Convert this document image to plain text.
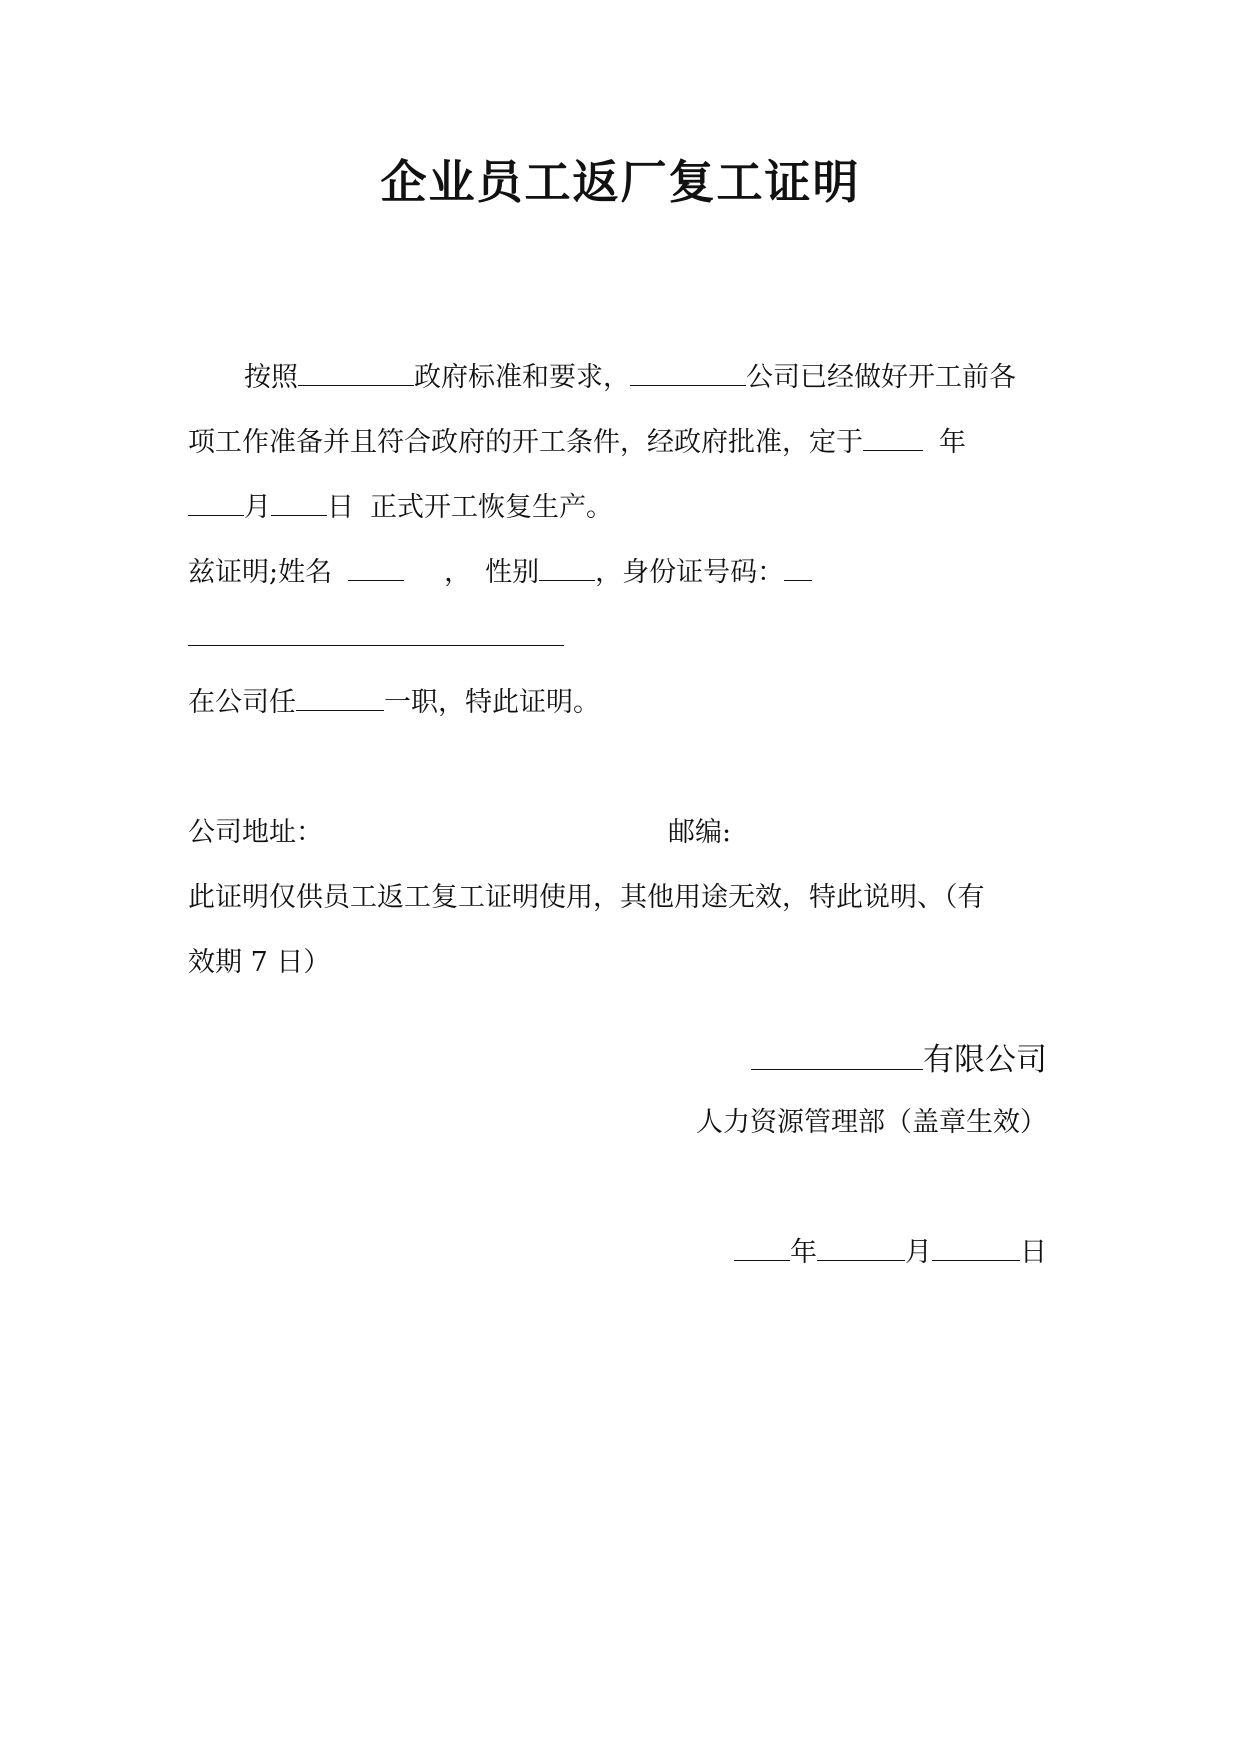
企业员工返厂复工证明
按照	政府标准和要求，	公司已经做好开工前各
项工作准备并且符合政府的开工条件，经政府批准，定于	年
月 日 正式开工恢复生产。
兹证明;姓名	， 性别 ，身份证号码：
在公司任	一职，特此证明。
公司地址：	邮编:
此证明仅供员工返工复工证明使用，其他用途无效，特此说明、（有
效期 7 日）
有限公司
人力资源管理部（盖章生效）
年	月	日
